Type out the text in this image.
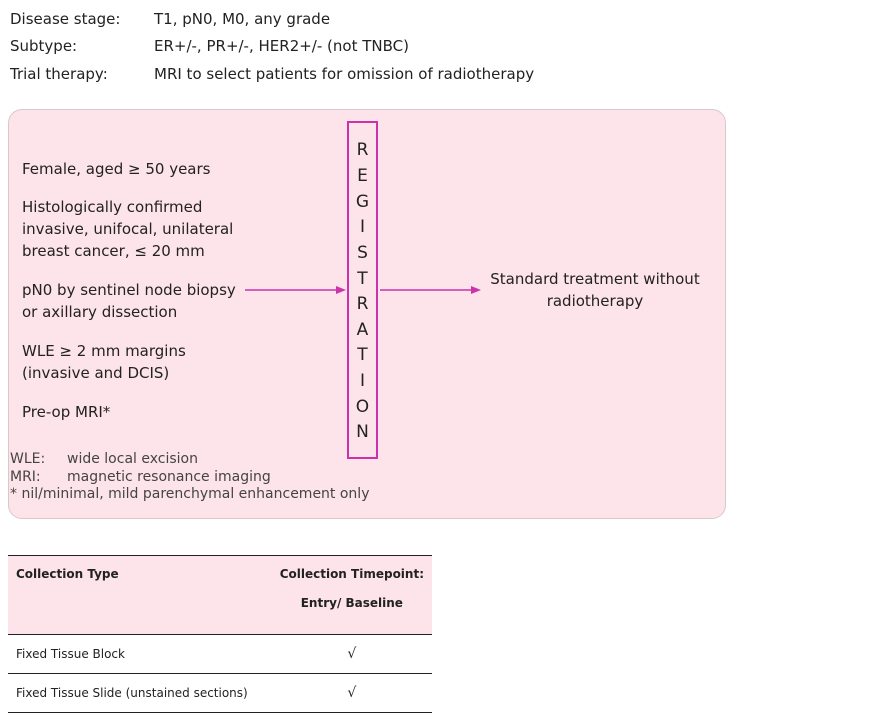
Disease stage: T1, pN0, M0, any grade
Subtype:	ER+/-, PR+/-, HER2+/- (not TNBC)
Trial therapy:	MRI to select patients for omission of radiotherapy
Female, aged ≥ 50 years
Histologically confirmed
invasive, unifocal, unilateral
breast cancer, ≤ 20 mm
pN0 by sentinel node biopsy
or axillary dissection
WLE ≥ 2 mm margins
(invasive and DCIS)
Pre-op MRI*
R
E
G
I
S
T
R
A
T
I
O
N
Standard treatment without
radiotherapy
WLE: wide local excision
MRI: magnetic resonance imaging
* nil/minimal, mild parenchymal enhancement only
Collection Type	Collection Timepoint:
Entry/ Baseline

Fixed Tissue Block	√
Fixed Tissue Slide (unstained sections)	√
